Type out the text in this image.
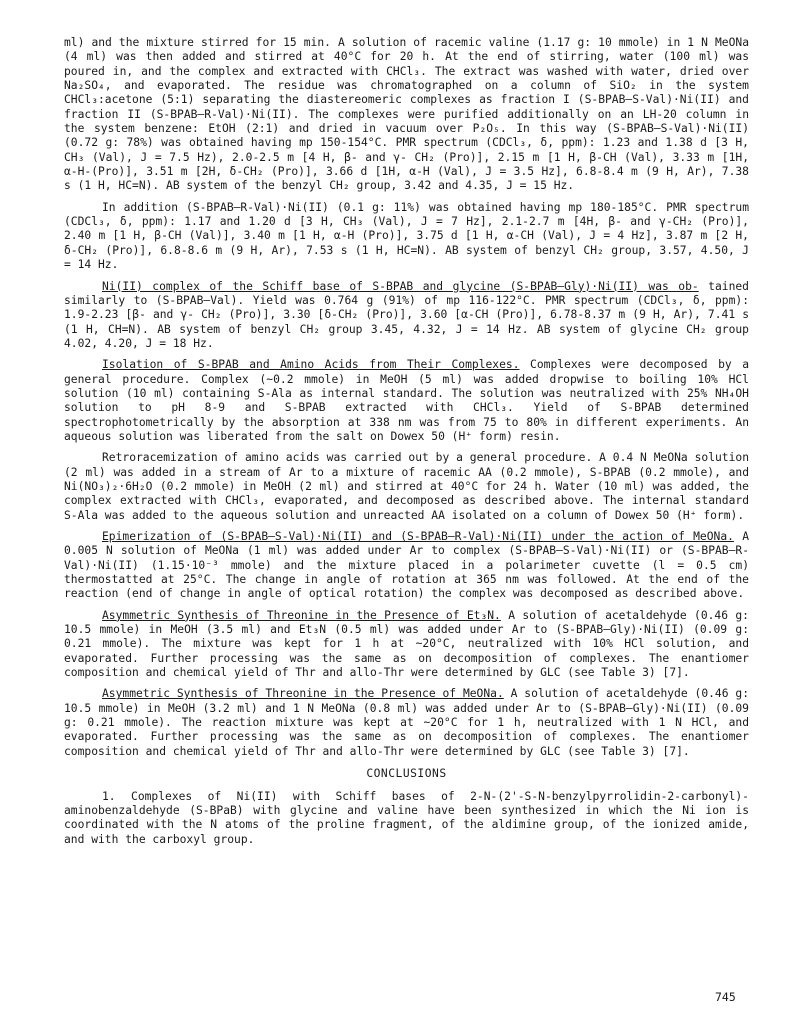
ml) and the mixture stirred for 15 min. A solution of racemic valine (1.17 g: 10 mmole) in 1 N MeONa (4 ml) was then added and stirred at 40°C for 20 h. At the end of stirring, water (100 ml) was poured in, and the complex and extracted with CHCl₃. The extract was washed with water, dried over Na₂SO₄, and evaporated. The residue was chromatographed on a column of SiO₂ in the system CHCl₃:acetone (5:1) separating the diastereomeric complexes as fraction I (S-BPAB—S-Val)·Ni(II) and fraction II (S-BPAB—R-Val)·Ni(II). The complexes were purified additionally on an LH-20 column in the system benzene: EtOH (2:1) and dried in vacuum over P₂O₅. In this way (S-BPAB—S-Val)·Ni(II) (0.72 g: 78%) was obtained having mp 150-154°C. PMR spectrum (CDCl₃, δ, ppm): 1.23 and 1.38 d [3 H, CH₃ (Val), J = 7.5 Hz), 2.0-2.5 m [4 H, β- and γ- CH₂ (Pro)], 2.15 m [1 H, β-CH (Val), 3.33 m [1H, α-H-(Pro)], 3.51 m [2H, δ-CH₂ (Pro)], 3.66 d [1H, α-H (Val), J = 3.5 Hz], 6.8-8.4 m (9 H, Ar), 7.38 s (1 H, HC=N). AB system of the benzyl CH₂ group, 3.42 and 4.35, J = 15 Hz.

In addition (S-BPAB—R-Val)·Ni(II) (0.1 g: 11%) was obtained having mp 180-185°C. PMR spectrum (CDCl₃, δ, ppm): 1.17 and 1.20 d [3 H, CH₃ (Val), J = 7 Hz], 2.1-2.7 m [4H, β- and γ-CH₂ (Pro)], 2.40 m [1 H, β-CH (Val)], 3.40 m [1 H, α-H (Pro)], 3.75 d [1 H, α-CH (Val), J = 4 Hz], 3.87 m [2 H, δ-CH₂ (Pro)], 6.8-8.6 m (9 H, Ar), 7.53 s (1 H, HC=N). AB system of benzyl CH₂ group, 3.57, 4.50, J = 14 Hz.

Ni(II) complex of the Schiff base of S-BPAB and glycine (S-BPAB—Gly)·Ni(II) was ob- tained similarly to (S-BPAB—Val). Yield was 0.764 g (91%) of mp 116-122°C. PMR spectrum (CDCl₃, δ, ppm): 1.9-2.23 [β- and γ- CH₂ (Pro)], 3.30 [δ-CH₂ (Pro)], 3.60 [α-CH (Pro)], 6.78-8.37 m (9 H, Ar), 7.41 s (1 H, CH=N). AB system of benzyl CH₂ group 3.45, 4.32, J = 14 Hz. AB system of glycine CH₂ group 4.02, 4.20, J = 18 Hz.

Isolation of S-BPAB and Amino Acids from Their Complexes. Complexes were decomposed by a general procedure. Complex (~0.2 mmole) in MeOH (5 ml) was added dropwise to boiling 10% HCl solution (10 ml) containing S-Ala as internal standard. The solution was neutralized with 25% NH₄OH solution to pH 8-9 and S-BPAB extracted with CHCl₃. Yield of S-BPAB determined spectrophotometrically by the absorption at 338 nm was from 75 to 80% in different experiments. An aqueous solution was liberated from the salt on Dowex 50 (H⁺ form) resin.

Retroracemization of amino acids was carried out by a general procedure. A 0.4 N MeONa solution (2 ml) was added in a stream of Ar to a mixture of racemic AA (0.2 mmole), S-BPAB (0.2 mmole), and Ni(NO₃)₂·6H₂O (0.2 mmole) in MeOH (2 ml) and stirred at 40°C for 24 h. Water (10 ml) was added, the complex extracted with CHCl₃, evaporated, and decomposed as described above. The internal standard S-Ala was added to the aqueous solution and unreacted AA isolated on a column of Dowex 50 (H⁺ form).

Epimerization of (S-BPAB—S-Val)·Ni(II) and (S-BPAB—R-Val)·Ni(II) under the action of MeONa. A 0.005 N solution of MeONa (1 ml) was added under Ar to complex (S-BPAB—S-Val)·Ni(II) or (S-BPAB—R-Val)·Ni(II) (1.15·10⁻³ mmole) and the mixture placed in a polarimeter cuvette (l = 0.5 cm) thermostatted at 25°C. The change in angle of rotation at 365 nm was followed. At the end of the reaction (end of change in angle of optical rotation) the complex was decomposed as described above.

Asymmetric Synthesis of Threonine in the Presence of Et₃N. A solution of acetaldehyde (0.46 g: 10.5 mmole) in MeOH (3.5 ml) and Et₃N (0.5 ml) was added under Ar to (S-BPAB—Gly)·Ni(II) (0.09 g: 0.21 mmole). The mixture was kept for 1 h at ~20°C, neutralized with 10% HCl solution, and evaporated. Further processing was the same as on decomposition of complexes. The enantiomer composition and chemical yield of Thr and allo-Thr were determined by GLC (see Table 3) [7].

Asymmetric Synthesis of Threonine in the Presence of MeONa. A solution of acetaldehyde (0.46 g: 10.5 mmole) in MeOH (3.2 ml) and 1 N MeONa (0.8 ml) was added under Ar to (S-BPAB—Gly)·Ni(II) (0.09 g: 0.21 mmole). The reaction mixture was kept at ~20°C for 1 h, neutralized with 1 N HCl, and evaporated. Further processing was the same as on decomposition of complexes. The enantiomer composition and chemical yield of Thr and allo-Thr were determined by GLC (see Table 3) [7].

CONCLUSIONS

1. Complexes of Ni(II) with Schiff bases of 2-N-(2'-S-N-benzylpyrrolidin-2-carbonyl)-aminobenzaldehyde (S-BPaB) with glycine and valine have been synthesized in which the Ni ion is coordinated with the N atoms of the proline fragment, of the aldimine group, of the ionized amide, and with the carboxyl group.

745
